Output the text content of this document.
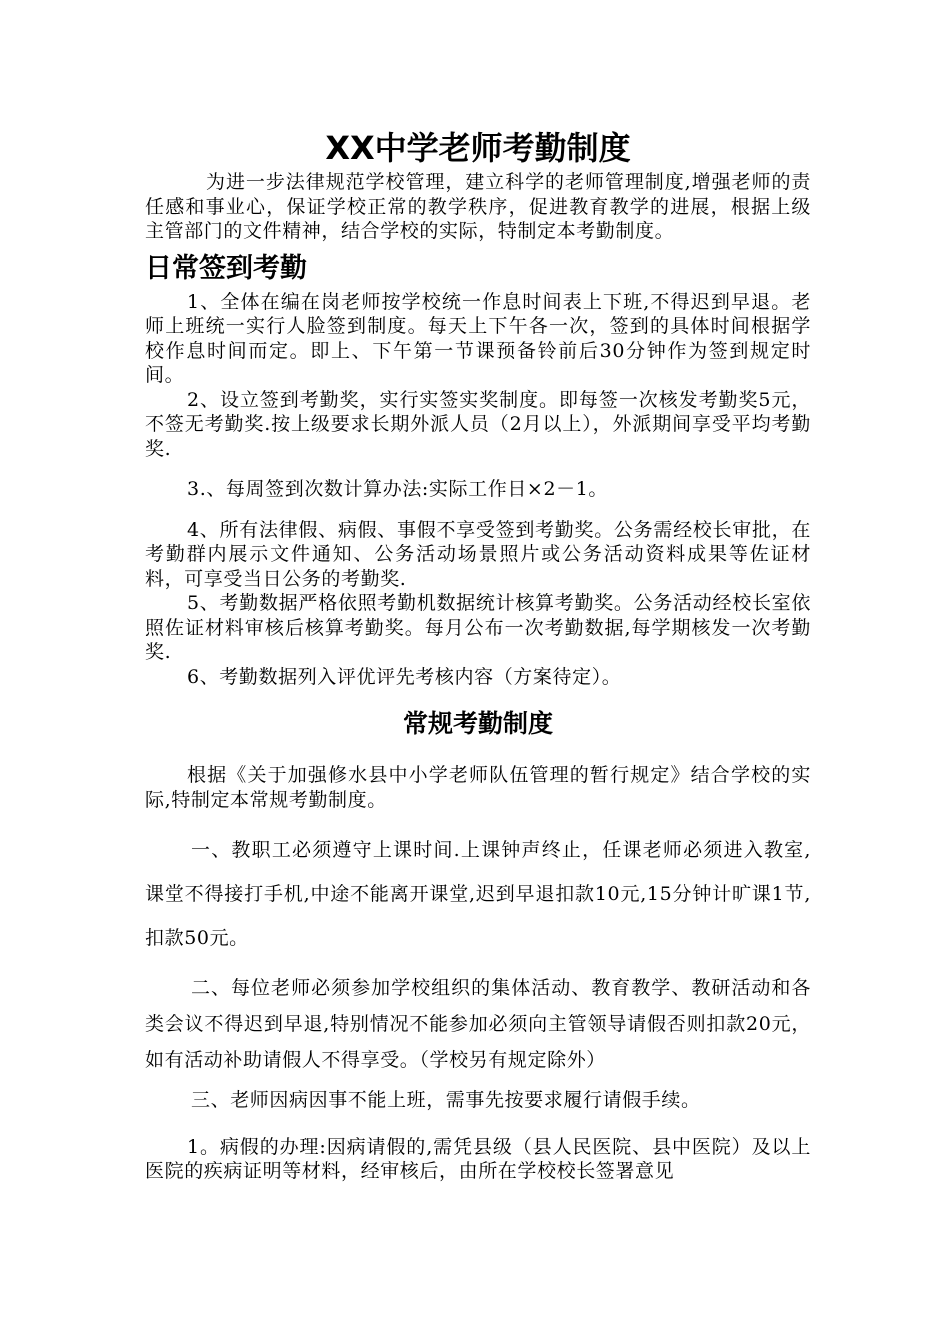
XX中学老师考勤制度

为进一步法律规范学校管理，建立科学的老师管理制度,增强老师的责任感和事业心，保证学校正常的教学秩序，促进教育教学的进展，根据上级主管部门的文件精神，结合学校的实际，特制定本考勤制度。

日常签到考勤

1、全体在编在岗老师按学校统一作息时间表上下班,不得迟到早退。老师上班统一实行人脸签到制度。每天上下午各一次，签到的具体时间根据学校作息时间而定。即上、下午第一节课预备铃前后30分钟作为签到规定时间。

2、设立签到考勤奖，实行实签实奖制度。即每签一次核发考勤奖5元，不签无考勤奖.按上级要求长期外派人员（2月以上），外派期间享受平均考勤奖.

3.、每周签到次数计算办法:实际工作日×2－1。

4、所有法律假、病假、事假不享受签到考勤奖。公务需经校长审批，在考勤群内展示文件通知、公务活动场景照片或公务活动资料成果等佐证材料，可享受当日公务的考勤奖.

5、考勤数据严格依照考勤机数据统计核算考勤奖。公务活动经校长室依照佐证材料审核后核算考勤奖。每月公布一次考勤数据,每学期核发一次考勤奖.

6、考勤数据列入评优评先考核内容（方案待定）。

常规考勤制度

根据《关于加强修水县中小学老师队伍管理的暂行规定》结合学校的实际,特制定本常规考勤制度。

一、教职工必须遵守上课时间.上课钟声终止，任课老师必须进入教室,课堂不得接打手机,中途不能离开课堂,迟到早退扣款10元,15分钟计旷课1节,扣款50元。

二、每位老师必须参加学校组织的集体活动、教育教学、教研活动和各类会议不得迟到早退,特别情况不能参加必须向主管领导请假否则扣款20元，如有活动补助请假人不得享受。（学校另有规定除外）

三、老师因病因事不能上班，需事先按要求履行请假手续。

1。病假的办理:因病请假的,需凭县级（县人民医院、县中医院）及以上医院的疾病证明等材料，经审核后，由所在学校校长签署意见
